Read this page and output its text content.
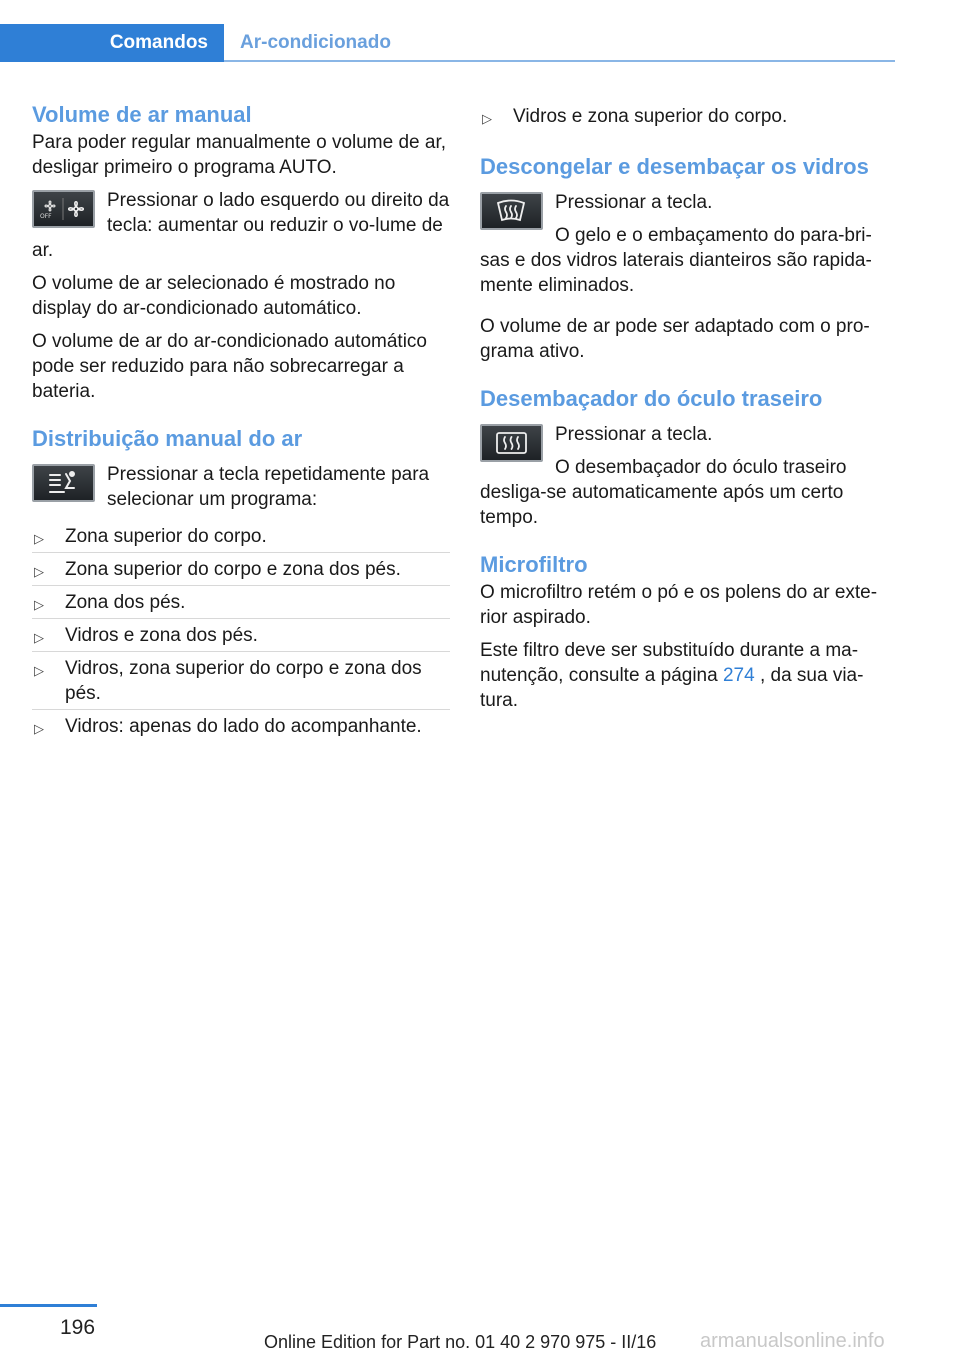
Comandos	Ar-condicionado
Volume de ar manual

Para poder regular manualmente o volume de ar, desligar primeiro o programa AUTO.

OFF

Pressionar o lado esquerdo ou direito da tecla: aumentar ou reduzir o vo-lume de ar.

O volume de ar selecionado é mostrado no display do ar-condicionado automático.

O volume de ar do ar-condicionado automático pode ser reduzido para não sobrecarregar a bateria.

Distribuição manual do ar

Pressionar a tecla repetidamente para selecionar um programa:

▷ Zona superior do corpo.
▷ Zona superior do corpo e zona dos pés.
▷ Zona dos pés.
▷ Vidros e zona dos pés.
▷ Vidros, zona superior do corpo e zona dos pés.
▷ Vidros: apenas do lado do acompanhante.
▷ Vidros e zona superior do corpo.
Descongelar e desembaçar os vidros

Pressionar a tecla.

O gelo e o embaçamento do para-bri-sas e dos vidros laterais dianteiros são rapida-mente eliminados.

O volume de ar pode ser adaptado com o pro-grama ativo.

Desembaçador do óculo traseiro

Pressionar a tecla.

O desembaçador do óculo traseiro desliga-se automaticamente após um certo tempo.

Microfiltro

O microfiltro retém o pó e os polens do ar exte-rior aspirado.

Este filtro deve ser substituído durante a ma-nutenção, consulte a página 274 , da sua via-tura.

196
Online Edition for Part no. 01 40 2 970 975 - II/16 armanualsonline.info
